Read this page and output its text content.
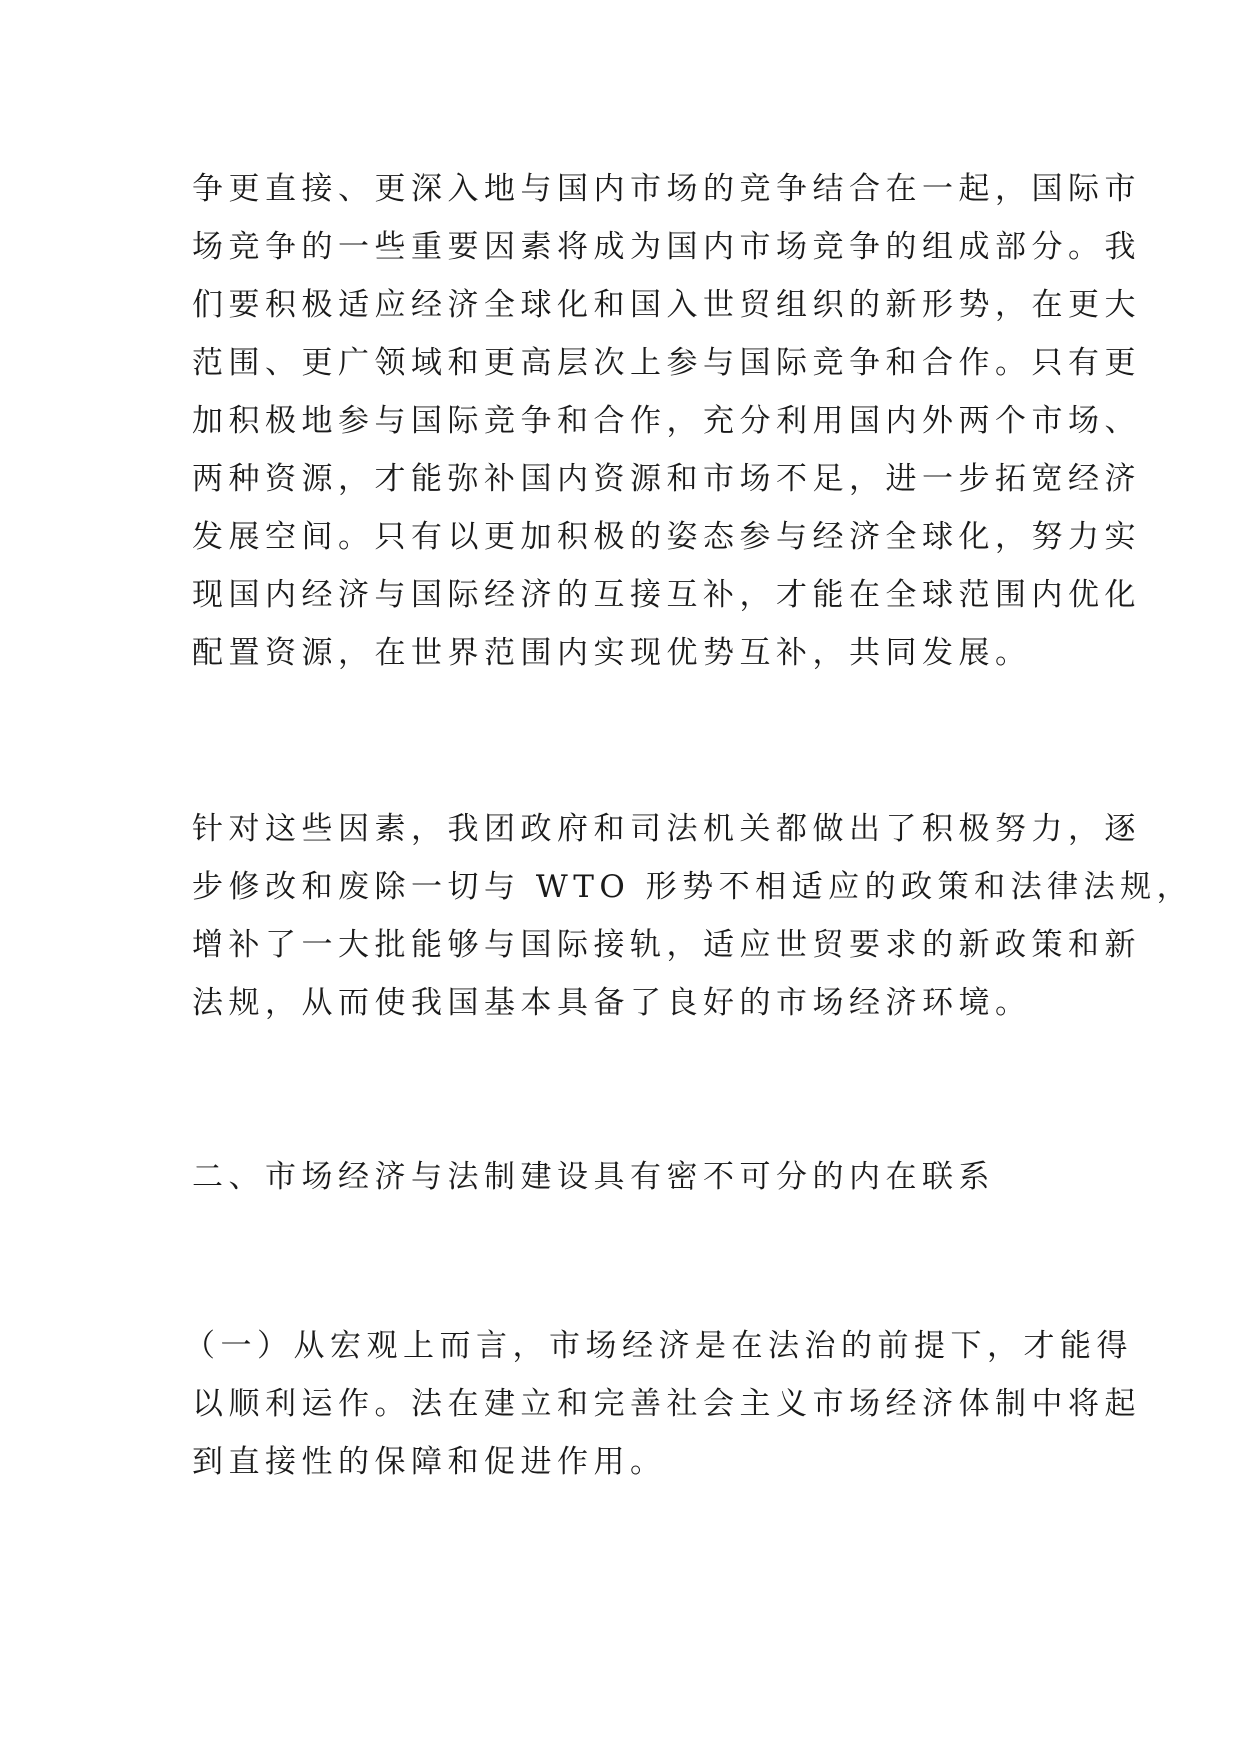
争更直接、更深入地与国内市场的竞争结合在一起，国际市
场竞争的一些重要因素将成为国内市场竞争的组成部分。我
们要积极适应经济全球化和国入世贸组织的新形势，在更大
范围、更广领域和更高层次上参与国际竞争和合作。只有更
加积极地参与国际竞争和合作，充分利用国内外两个市场、
两种资源，才能弥补国内资源和市场不足，进一步拓宽经济
发展空间。只有以更加积极的姿态参与经济全球化，努力实
现国内经济与国际经济的互接互补，才能在全球范围内优化
配置资源，在世界范围内实现优势互补，共同发展。
针对这些因素，我团政府和司法机关都做出了积极努力，逐
步修改和废除一切与 WTO 形势不相适应的政策和法律法规，
增补了一大批能够与国际接轨，适应世贸要求的新政策和新
法规，从而使我国基本具备了良好的市场经济环境。
二、市场经济与法制建设具有密不可分的内在联系
（一）从宏观上而言，市场经济是在法治的前提下，才能得
以顺利运作。法在建立和完善社会主义市场经济体制中将起
到直接性的保障和促进作用。
